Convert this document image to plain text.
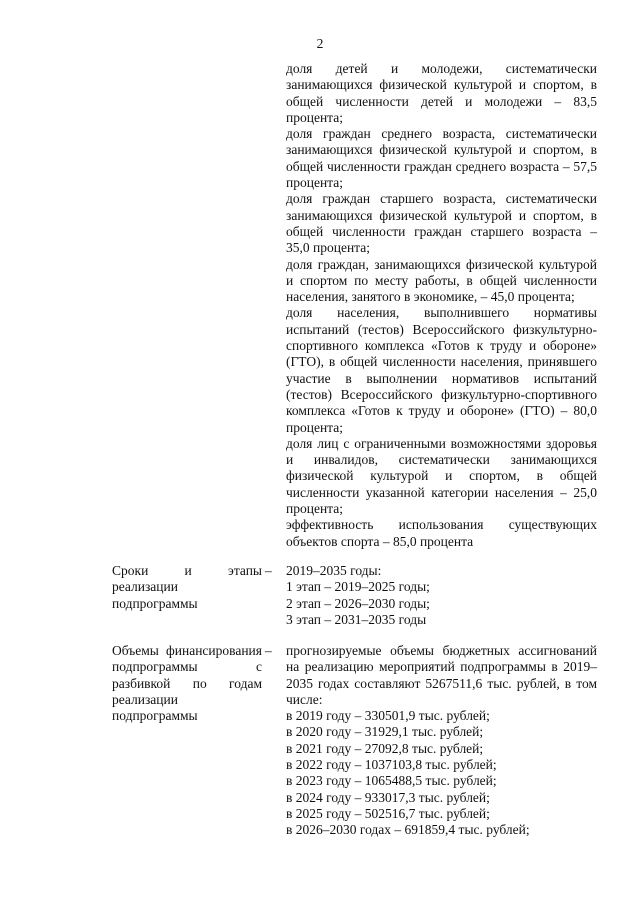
2
доля детей и молодежи, систематически занимающихся физической культурой и спортом, в общей численности детей и молодежи – 83,5 процента;
доля граждан среднего возраста, систематически занимающихся физической культурой и спортом, в общей численности граждан среднего возраста – 57,5 процента;
доля граждан старшего возраста, систематически занимающихся физической культурой и спортом, в общей численности граждан старшего возраста – 35,0 процента;
доля граждан, занимающихся физической культурой и спортом по месту работы, в общей численности населения, занятого в экономике, – 45,0 процента;
доля населения, выполнившего нормативы испытаний (тестов) Всероссийского физкультурно-спортивного комплекса «Готов к труду и обороне» (ГТО), в общей численности населения, принявшего участие в выполнении нормативов испытаний (тестов) Всероссийского физкультурно-спортивного комплекса «Готов к труду и обороне» (ГТО) – 80,0 процента;
доля лиц с ограниченными возможностями здоровья и инвалидов, систематически занимающихся физической культурой и спортом, в общей численности указанной категории населения – 25,0 процента;
эффективность использования существующих объектов спорта – 85,0 процента
Сроки и этапы реализации подпрограммы
– 2019–2035 годы:
1 этап – 2019–2025 годы;
2 этап – 2026–2030 годы;
3 этап – 2031–2035 годы
Объемы финансирования подпрограммы с разбивкой по годам реализации подпрограммы
– прогнозируемые объемы бюджетных ассигнований на реализацию мероприятий подпрограммы в 2019–2035 годах составляют 5267511,6 тыс. рублей, в том числе:
в 2019 году – 330501,9 тыс. рублей;
в 2020 году – 31929,1 тыс. рублей;
в 2021 году – 27092,8 тыс. рублей;
в 2022 году – 1037103,8 тыс. рублей;
в 2023 году – 1065488,5 тыс. рублей;
в 2024 году – 933017,3 тыс. рублей;
в 2025 году – 502516,7 тыс. рублей;
в 2026–2030 годах – 691859,4 тыс. рублей;
